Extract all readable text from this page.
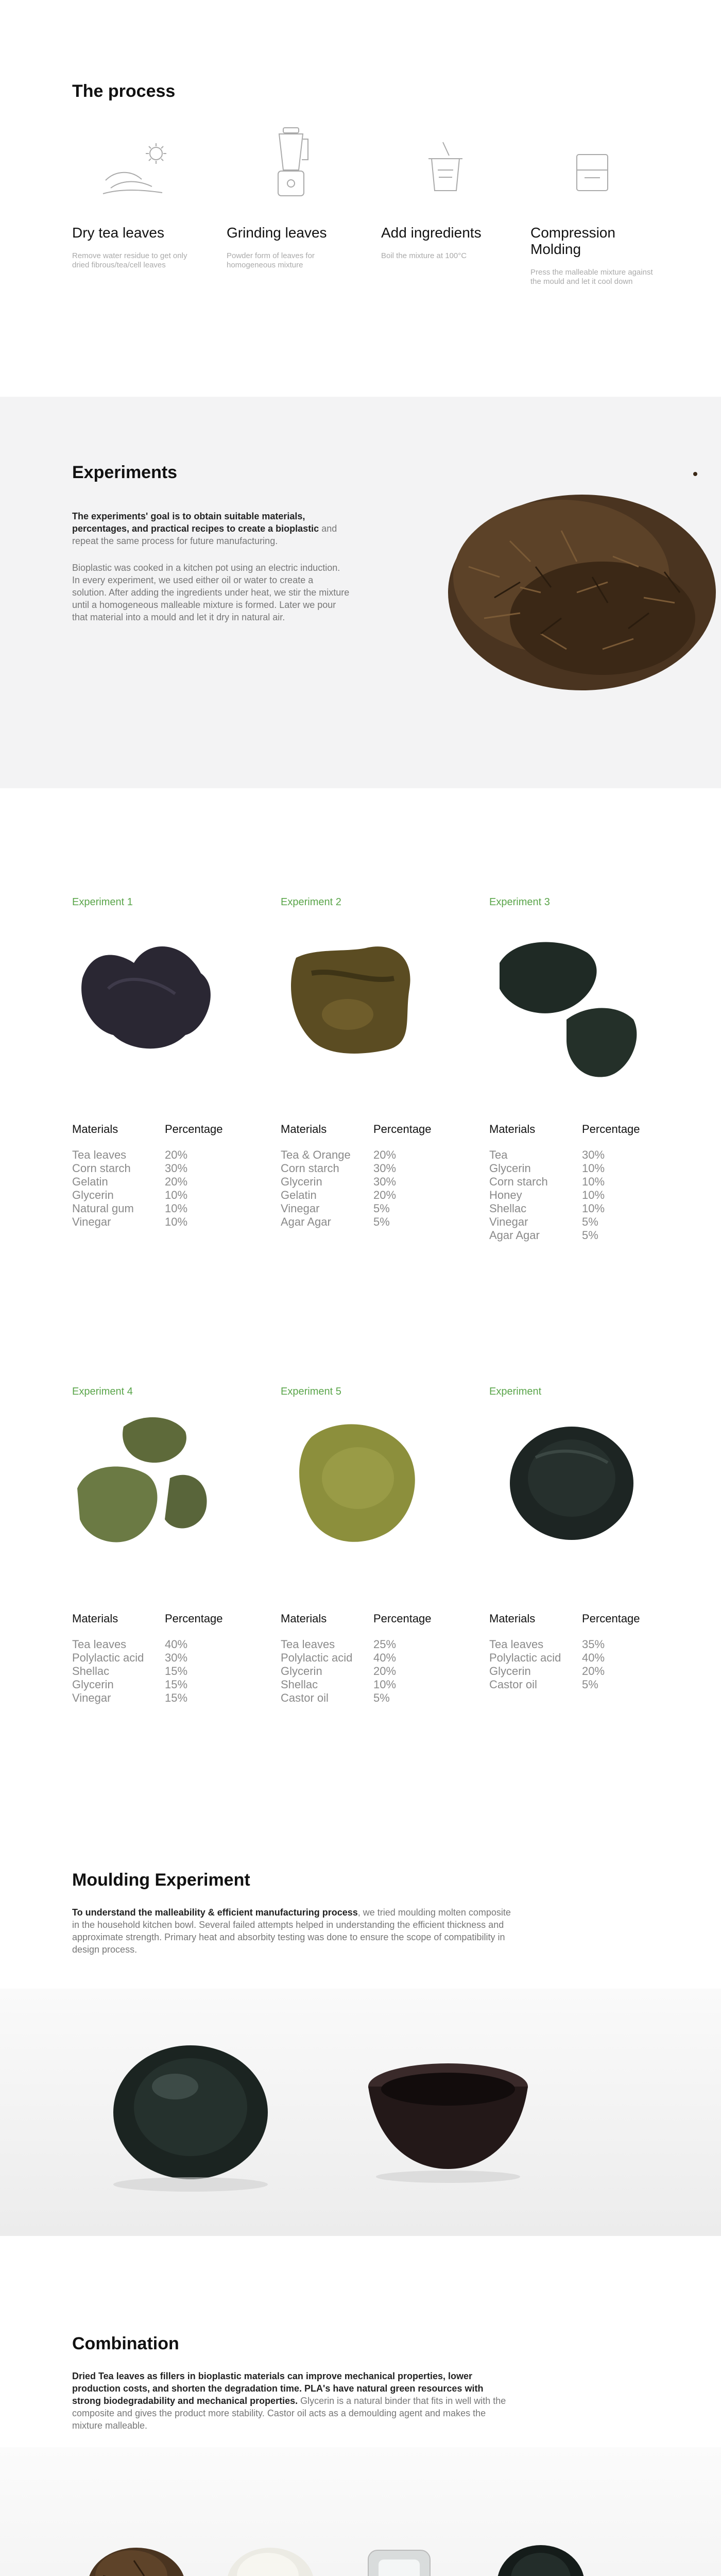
The process
Dry tea leaves
Remove water residue to get only dried fibrous/tea/cell leaves
Grinding leaves
Powder form of leaves for homogeneous mixture
Add ingredients
Boil the mixture at 100°C
Compression Molding
Press the malleable mixture against the mould and let it cool down
Experiments

The experiments' goal is to obtain suitable materials, percentages, and practical recipes to create a bioplastic and repeat the same process for future manufacturing.

Bioplastic was cooked in a kitchen pot using an electric induction. In every experiment, we used either oil or water to create a solution. After adding the ingredients under heat, we stir the mixture until a homogeneous malleable mixture is formed. Later we pour that material into a mould and let it dry in natural air.

Experiment 1
Materials	Percentage
Tea leaves	20%
Corn starch	30%
Gelatin	20%
Glycerin	10%
Natural gum	10%
Vinegar	10%
Experiment 2
Materials	Percentage
Tea & Orange	20%
Corn starch	30%
Glycerin	30%
Gelatin	20%
Vinegar	5%
Agar Agar	5%
Experiment 3
Materials	Percentage
Tea	30%
Glycerin	10%
Corn starch	10%
Honey	10%
Shellac	10%
Vinegar	5%
Agar Agar	5%
Experiment 4
Materials	Percentage
Tea leaves	40%
Polylactic acid	30%
Shellac	15%
Glycerin	15%
Vinegar	15%
Experiment 5
Materials	Percentage
Tea leaves	25%
Polylactic acid	40%
Glycerin	20%
Shellac	10%
Castor oil	5%
Experiment
Materials	Percentage
Tea leaves	35%
Polylactic acid	40%
Glycerin	20%
Castor oil	5%
Moulding Experiment

To understand the malleability & efficient manufacturing process, we tried moulding molten composite in the household kitchen bowl. Several failed attempts helped in understanding the efficient thickness and approximate strength. Primary heat and absorbity testing was done to ensure the scope of compatibility in design process.

Combination

Dried Tea leaves as fillers in bioplastic materials can improve mechanical properties, lower production costs, and shorten the degradation time. PLA's have natural green resources with strong biodegradability and mechanical properties. Glycerin is a natural binder that fits in well with the composite and gives the product more stability. Castor oil acts as a demoulding agent and makes the mixture malleable.
